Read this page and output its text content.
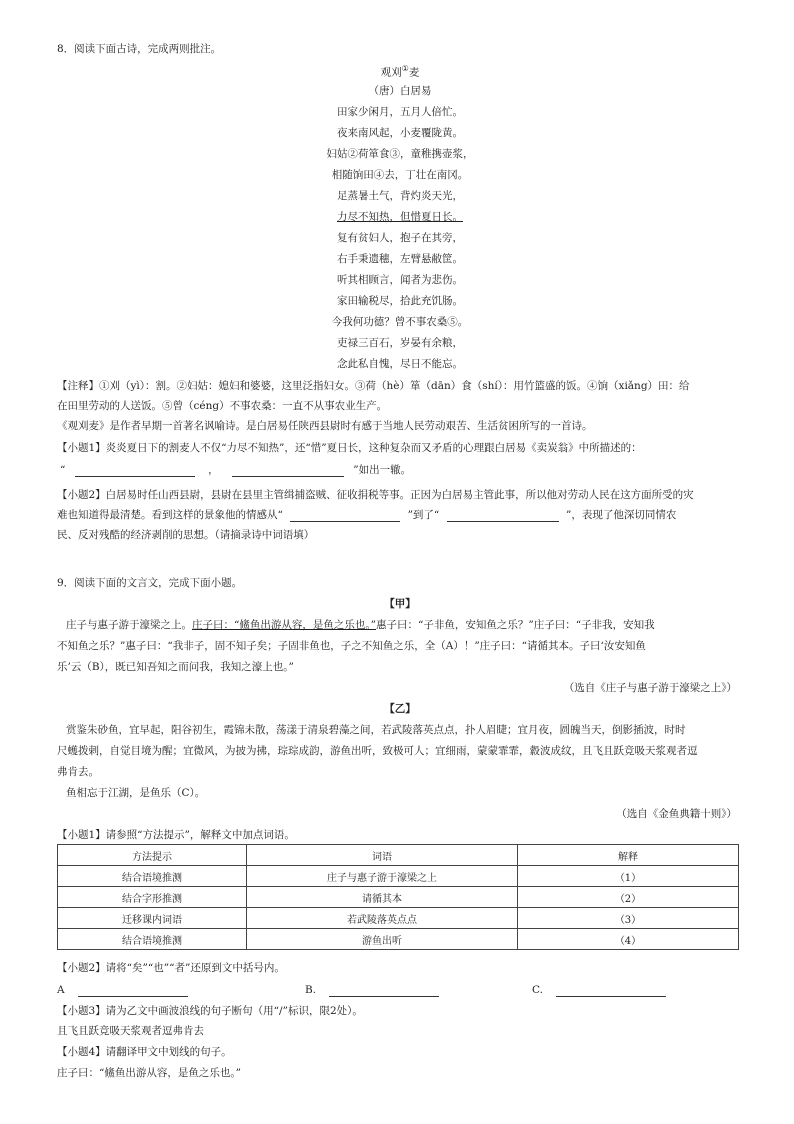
8．阅读下面古诗，完成两则批注。
观刈①麦
（唐）白居易
田家少闲月，五月人倍忙。
夜来南风起，小麦覆陇黄。
妇姑②荷箪食③，童稚携壶浆，
相随饷田④去，丁壮在南冈。
足蒸暑土气，背灼炎天光，
力尽不知热，但惜夏日长。
复有贫妇人，抱子在其旁，
右手秉遗穗，左臂悬敝筐。
听其相顾言，闻者为悲伤。
家田输税尽，拾此充饥肠。
今我何功德？曾不事农桑⑤。
吏禄三百石，岁晏有余粮，
念此私自愧，尽日不能忘。
【注释】①刈（yì）：割。②妇姑：媳妇和婆婆，这里泛指妇女。③荷（hè）箪（dān）食（shí）：用竹篮盛的饭。④饷（xiǎng）田：给
在田里劳动的人送饭。⑤曾（céng）不事农桑：一直不从事农业生产。
《观刈麦》是作者早期一首著名讽喻诗。是白居易任陕西县尉时有感于当地人民劳动艰苦、生活贫困所写的一首诗。
【小题1】炎炎夏日下的割麦人不仅“力尽不知热”，还“惜”夏日长，这种复杂而又矛盾的心理跟白居易《卖炭翁》中所描述的：
“	，	”如出一辙。
【小题2】白居易时任山西县尉，县尉在县里主管缉捕盗贼、征收捐税等事。正因为白居易主管此事，所以他对劳动人民在这方面所受的灾
难也知道得最清楚。看到这样的景象他的情感从“	”到了“	”，表现了他深切同情农
民、反对残酷的经济剥削的思想。（请摘录诗中词语填）
9．阅读下面的文言文，完成下面小题。
【甲】
庄子与惠子游于濠梁之上。庄子曰：“鯈鱼出游从容，是鱼之乐也。”惠子曰：“子非鱼，安知鱼之乐？”庄子曰：“子非我，安知我
不知鱼之乐？”惠子曰：“我非子，固不知子矣；子固非鱼也，子之不知鱼之乐，全（A）！”庄子曰：“请循其本。子曰‘汝安知鱼
乐’云（B），既已知吾知之而问我，我知之濠上也。”
（选自《庄子与惠子游于濠梁之上》）
【乙】
赏鉴朱砂鱼，宜早起，阳谷初生，霞锦未散，荡漾于清泉碧藻之间，若武陵落英点点，扑人眉睫；宜月夜，圆魄当天，倒影插波，时时
尺蠖拨剌，自觉目境为醒；宜微风，为披为拂，琮琮成韵，游鱼出听，致极可人；宜细雨，蒙蒙霏霏，縠波成纹，且飞且跃竞吸天浆观者逗
弗肯去。
鱼相忘于江湖，是鱼乐（C）。
（选自《金鱼典籍十则》）
【小题1】请参照“方法提示”，解释文中加点词语。
方法提示	词语	解释
结合语境推测	庄子与惠子游于濠梁之上	（1）
结合字形推测	请循其本	（2）
迁移课内词语	若武陵落英点点	（3）
结合语境推测	游鱼出听	（4）
【小题2】请将“矣”“也”“者”还原到文中括号内。
A	B.	C.
【小题3】请为乙文中画波浪线的句子断句（用“/”标识，限2处）。
且飞且跃竞吸天浆观者逗弗肯去
【小题4】请翻译甲文中划线的句子。
庄子曰：“鯈鱼出游从容，是鱼之乐也。”
